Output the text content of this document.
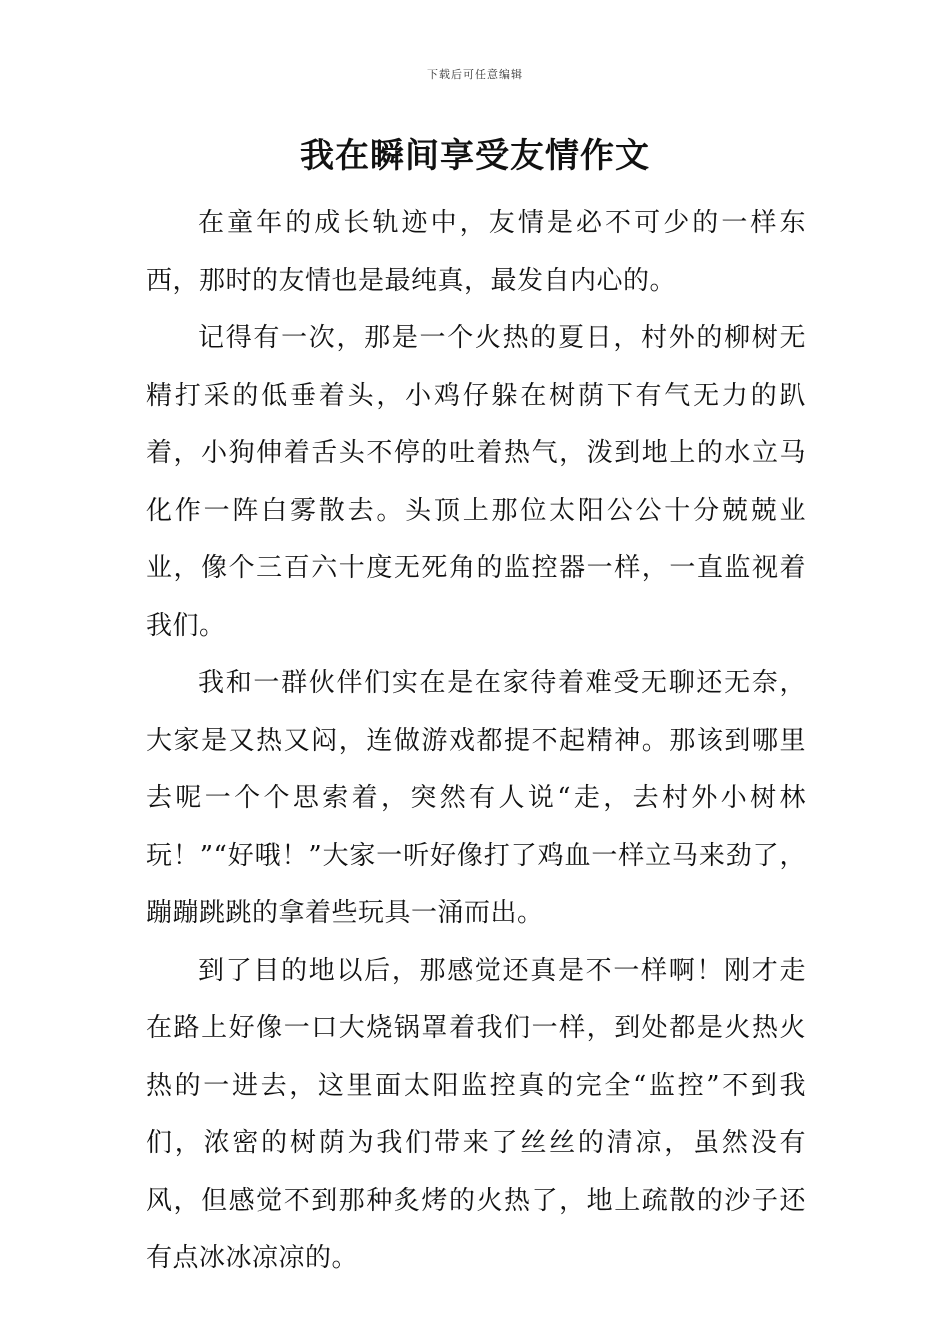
下载后可任意编辑
我在瞬间享受友情作文

在童年的成长轨迹中，友情是必不可少的一样东西，那时的友情也是最纯真，最发自内心的。

记得有一次，那是一个火热的夏日，村外的柳树无精打采的低垂着头，小鸡仔躲在树荫下有气无力的趴着，小狗伸着舌头不停的吐着热气，泼到地上的水立马化作一阵白雾散去。头顶上那位太阳公公十分兢兢业业，像个三百六十度无死角的监控器一样，一直监视着我们。

我和一群伙伴们实在是在家待着难受无聊还无奈，大家是又热又闷，连做游戏都提不起精神。那该到哪里去呢一个个思索着，突然有人说“走，去村外小树林玩！”“好哦！”大家一听好像打了鸡血一样立马来劲了，蹦蹦跳跳的拿着些玩具一涌而出。

到了目的地以后，那感觉还真是不一样啊！刚才走在路上好像一口大烧锅罩着我们一样，到处都是火热火热的一进去，这里面太阳监控真的完全“监控”不到我们，浓密的树荫为我们带来了丝丝的清凉，虽然没有风，但感觉不到那种炙烤的火热了，地上疏散的沙子还有点冰冰凉凉的。
